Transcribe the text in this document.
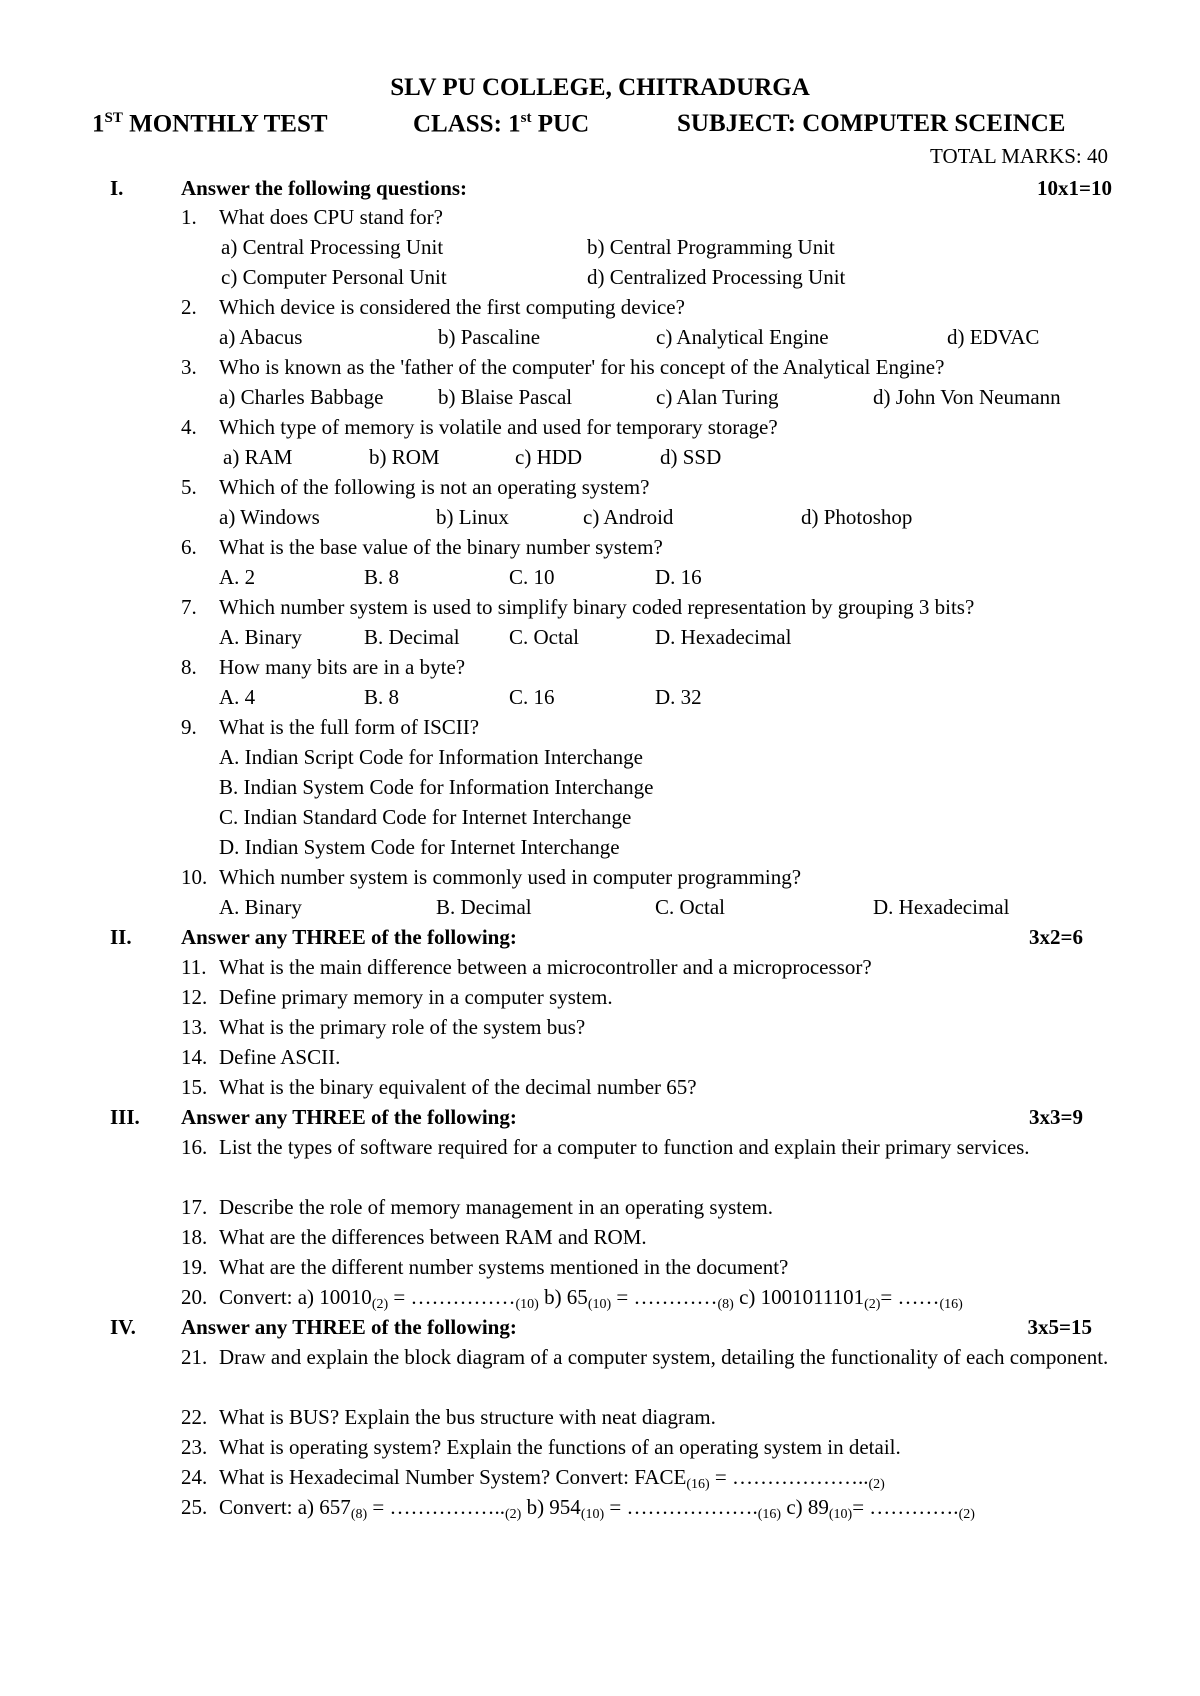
SLV PU COLLEGE, CHITRADURGA
1ST MONTHLY TEST	CLASS: 1st PUC	SUBJECT: COMPUTER SCEINCE
TOTAL MARKS: 40
I.	Answer the following questions:	10x1=10
1. What does CPU stand for?
a) Central Processing Unit	b) Central Programming Unit
c) Computer Personal Unit	d) Centralized Processing Unit
2. Which device is considered the first computing device?
a) Abacus	b) Pascaline	c) Analytical Engine	d) EDVAC
3. Who is known as the 'father of the computer' for his concept of the Analytical Engine?
a) Charles Babbage	b) Blaise Pascal	c) Alan Turing	d) John Von Neumann
4. Which type of memory is volatile and used for temporary storage?
a) RAM	b) ROM	c) HDD	d) SSD
5. Which of the following is not an operating system?
a) Windows	b) Linux	c) Android	d) Photoshop
6. What is the base value of the binary number system?
A. 2	B. 8	C. 10	D. 16
7. Which number system is used to simplify binary coded representation by grouping 3 bits?
A. Binary	B. Decimal C. Octal	D. Hexadecimal
8. How many bits are in a byte?
A. 4	B. 8	C. 16	D. 32
9. What is the full form of ISCII?
A. Indian Script Code for Information Interchange
B. Indian System Code for Information Interchange
C. Indian Standard Code for Internet Interchange
D. Indian System Code for Internet Interchange
10. Which number system is commonly used in computer programming?
A. Binary	B. Decimal	C. Octal	D. Hexadecimal
II. Answer any THREE of the following:	3x2=6
11. What is the main difference between a microcontroller and a microprocessor?
12. Define primary memory in a computer system.
13. What is the primary role of the system bus?
14. Define ASCII.
15. What is the binary equivalent of the decimal number 65?
III. Answer any THREE of the following:	3x3=9
16. List the types of software required for a computer to function and explain their primary services.
17. Describe the role of memory management in an operating system.
18. What are the differences between RAM and ROM.
19. What are the different number systems mentioned in the document?
20. Convert: a) $10010_{(2)}$ = $\dots\dots\dots\dots\dots_{(10)}$ b) $65_{(10)}$ = $\dots\dots\dots\dots_{(8)}$ c) $1001011101_{(2)}=$ $\dots\dots_{(16)}$
IV. Answer any THREE of the following:	3x5=15
21. Draw and explain the block diagram of a computer system, detailing the functionality of each component.
22. What is BUS? Explain the bus structure with neat diagram.
23. What is operating system? Explain the functions of an operating system in detail.
24. What is Hexadecimal Number System? Convert: $FACE_{(16)}$ = $\dots\dots\dots\dots\dots\dots.._{(2)}$
25. Convert: a) $657_{(8)}$ = $\dots\dots\dots\dots\dots.._{(2)}$ b) $954_{(10)}$ = $\dots\dots\dots\dots\dots\dots._{(16)}$ c) $89_{(10)}=$ $\dots\dots\dots\dots._{(2)}$
